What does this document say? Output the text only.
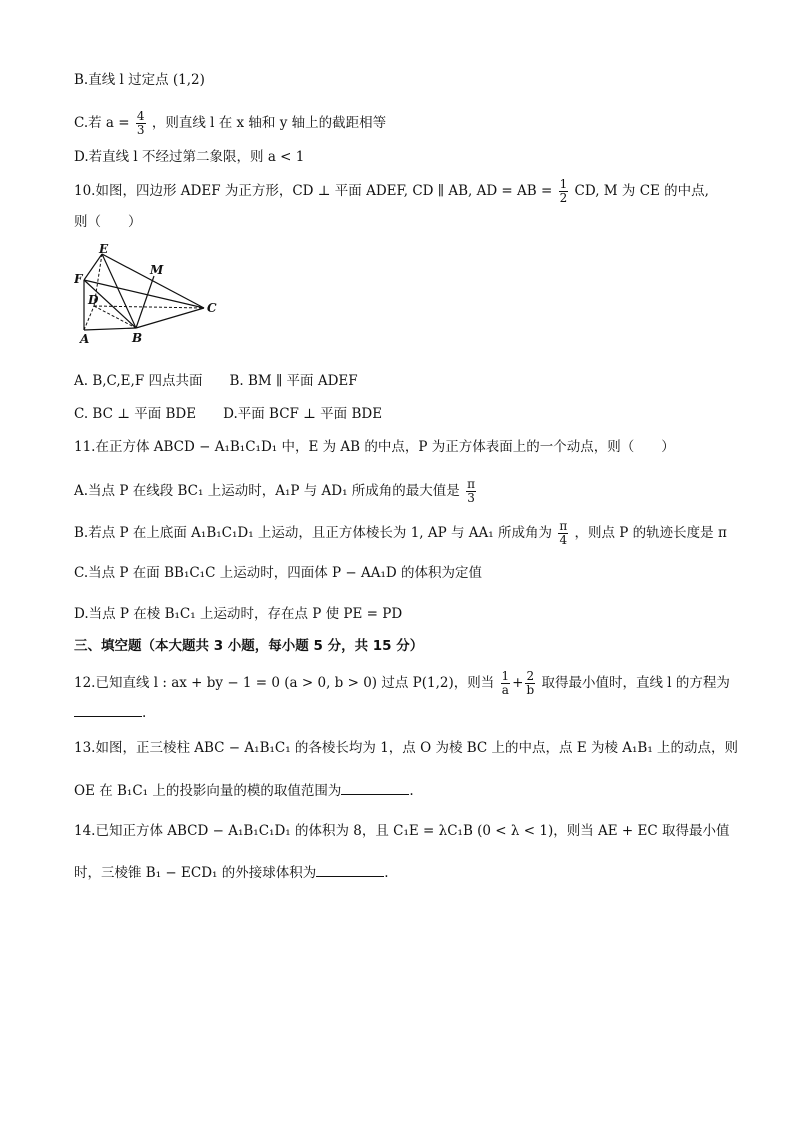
B.直线 l 过定点 (1,2)
C.若 $a = \frac{4}{3}$ ，则直线 l 在 x 轴和 y 轴上的截距相等
D.若直线 l 不经过第二象限，则 a < 1
10.如图，四边形 ADEF 为正方形，CD ⊥ 平面 ADEF, CD ∥ AB, AD = AB = $\frac{1}{2}$ CD, M 为 CE 的中点,
则（　　）
E
F
M
D
C
A	B
A. B,C,E,F 四点共面　　B. BM ∥ 平面 ADEF
C. BC ⊥ 平面 BDE　　D.平面 BCF ⊥ 平面 BDE
11.在正方体 ABCD − A₁B₁C₁D₁ 中，E 为 AB 的中点，P 为正方体表面上的一个动点，则（　　）
A.当点 P 在线段 BC₁ 上运动时，A₁P 与 AD₁ 所成角的最大值是 $\frac{\pi}{3}$
B.若点 P 在上底面 A₁B₁C₁D₁ 上运动，且正方体棱长为 1, AP 与 AA₁ 所成角为 $\frac{\pi}{4}$ ，则点 P 的轨迹长度是 π
C.当点 P 在面 BB₁C₁C 上运动时，四面体 P − AA₁D 的体积为定值
D.当点 P 在棱 B₁C₁ 上运动时，存在点 P 使 PE = PD
三、填空题（本大题共 3 小题，每小题 5 分，共 15 分）
12.已知直线 l : ax + by − 1 = 0 (a > 0, b > 0) 过点 P(1,2)，则当 $\frac{1}{a} + \frac{2}{b}$ 取得最小值时，直线 l 的方程为
.
13.如图，正三棱柱 ABC − A₁B₁C₁ 的各棱长均为 1，点 O 为棱 BC 上的中点，点 E 为棱 A₁B₁ 上的动点，则
OE 在 B₁C₁ 上的投影向量的模的取值范围为	.
14.已知正方体 ABCD − A₁B₁C₁D₁ 的体积为 8，且 C₁E = λC₁B (0 < λ < 1)，则当 AE + EC 取得最小值
时，三棱锥 B₁ − ECD₁ 的外接球体积为	.
